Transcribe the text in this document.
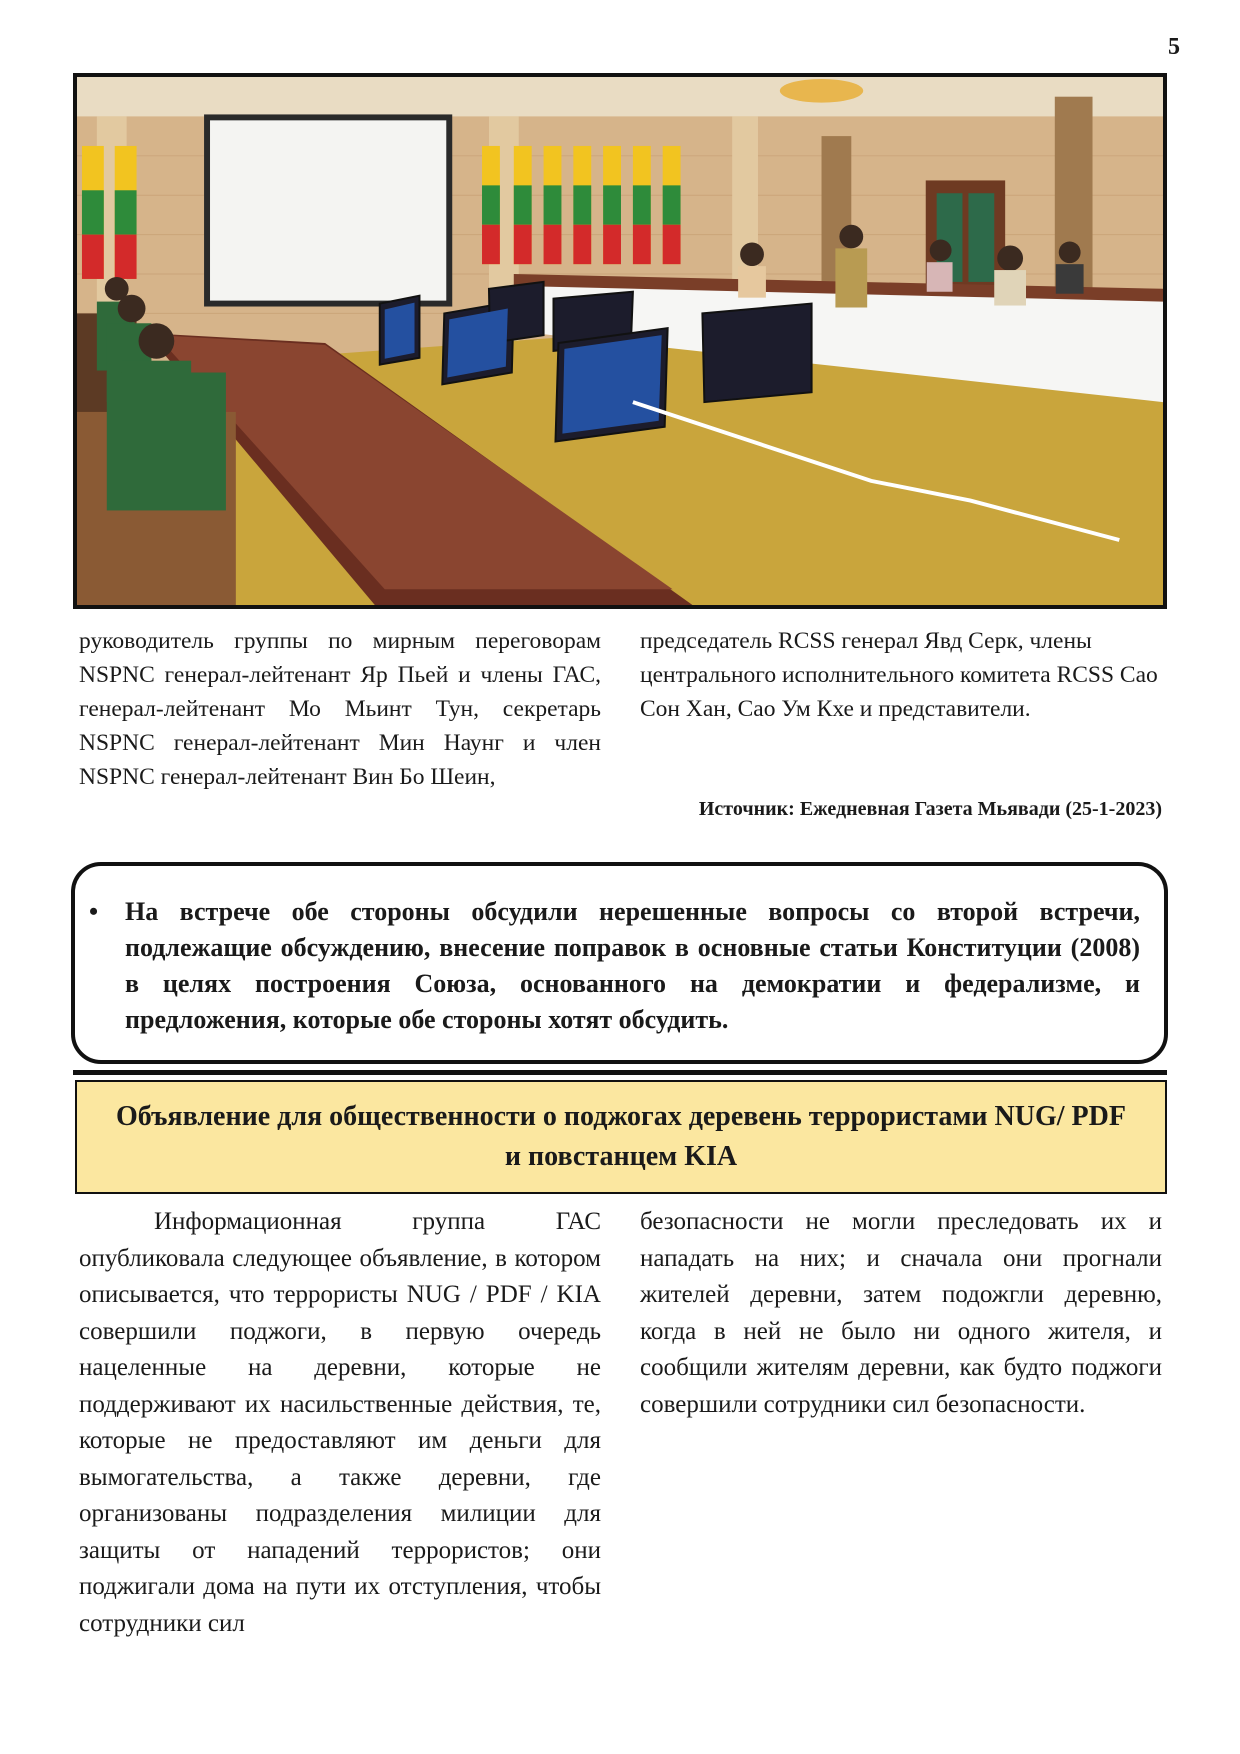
5
руководитель группы по мирным переговорам NSPNC генерал-лейтенант Яр Пьей и члены ГАС, генерал-лейтенант Мо Мьинт Тун, секретарь NSPNC генерал-лейтенант Мин Наунг и член NSPNC генерал-лейтенант Вин Бо Шеин,
председатель RCSS генерал Явд Серк, члены центрального исполнительного комитета RCSS Сао Сон Хан, Сао Ум Кхе и представители.
Источник: Ежедневная Газета Мьявади (25-1-2023)
• На встрече обе стороны обсудили нерешенные вопросы со второй встречи, подлежащие обсуждению, внесение поправок в основные статьи Конституции (2008) в целях построения Союза, основанного на демократии и федерализме, и предложения, которые обе стороны хотят обсудить.
Объявление для общественности о поджогах деревень террористами NUG/ PDF и повстанцем KIA
Информационная группа ГАС опубликовала следующее объявление, в котором описывается, что террористы NUG / PDF / KIA совершили поджоги, в первую очередь нацеленные на деревни, которые не поддерживают их насильственные действия, те, которые не предоставляют им деньги для вымогательства, а также деревни, где организованы подразделения милиции для защиты от нападений террористов; они поджигали дома на пути их отступления, чтобы сотрудники сил
безопасности не могли преследовать их и нападать на них; и сначала они прогнали жителей деревни, затем подожгли деревню, когда в ней не было ни одного жителя, и сообщили жителям деревни, как будто поджоги совершили сотрудники сил безопасности.
